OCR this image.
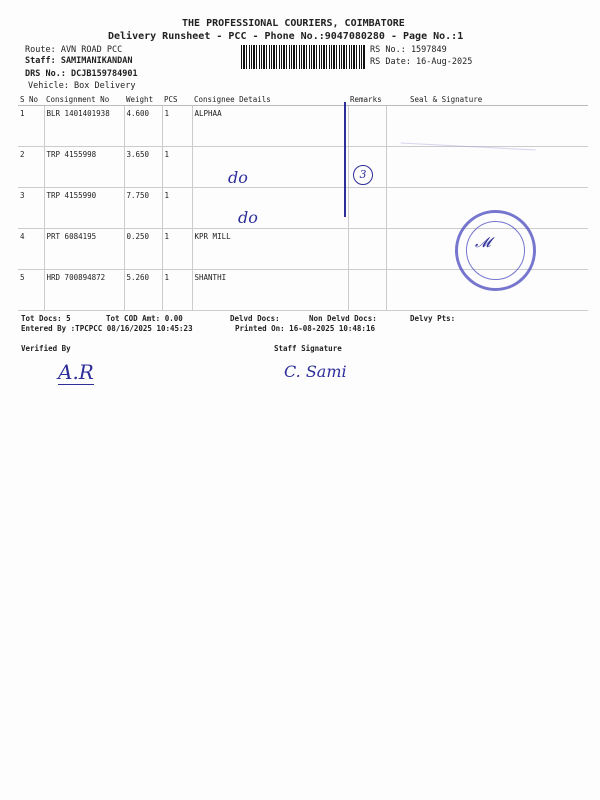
THE PROFESSIONAL COURIERS, COIMBATORE
Delivery Runsheet - PCC - Phone No.:9047080280 - Page No.:1
Route: AVN ROAD PCC
Staff: SAMIMANIKANDAN
DRS No.: DCJB159784901
Vehicle: Box Delivery
RS No.: 1597849
RS Date: 16-Aug-2025
S No	Consignment No	Weight	PCS	Consignee Details	Remarks	Seal & Signature
1	BLR 1401401938	4.600	1	ALPHAA		
2	TRP 4155998	3.650	1			
3	TRP 4155990	7.750	1			
4	PRT 6084195	0.250	1	KPR MILL		
5	HRD 700894872	5.260	1	SHANTHI		
do
do
3
𝓜
Tot Docs: 5	Tot COD Amt: 0.00	Delvd Docs:	Non Delvd Docs:	Delvy Pts:
Entered By :TPCPCC 08/16/2025 10:45:23	Printed On: 16-08-2025 10:48:16
Verified By	Staff Signature
A.R	C. Sami
